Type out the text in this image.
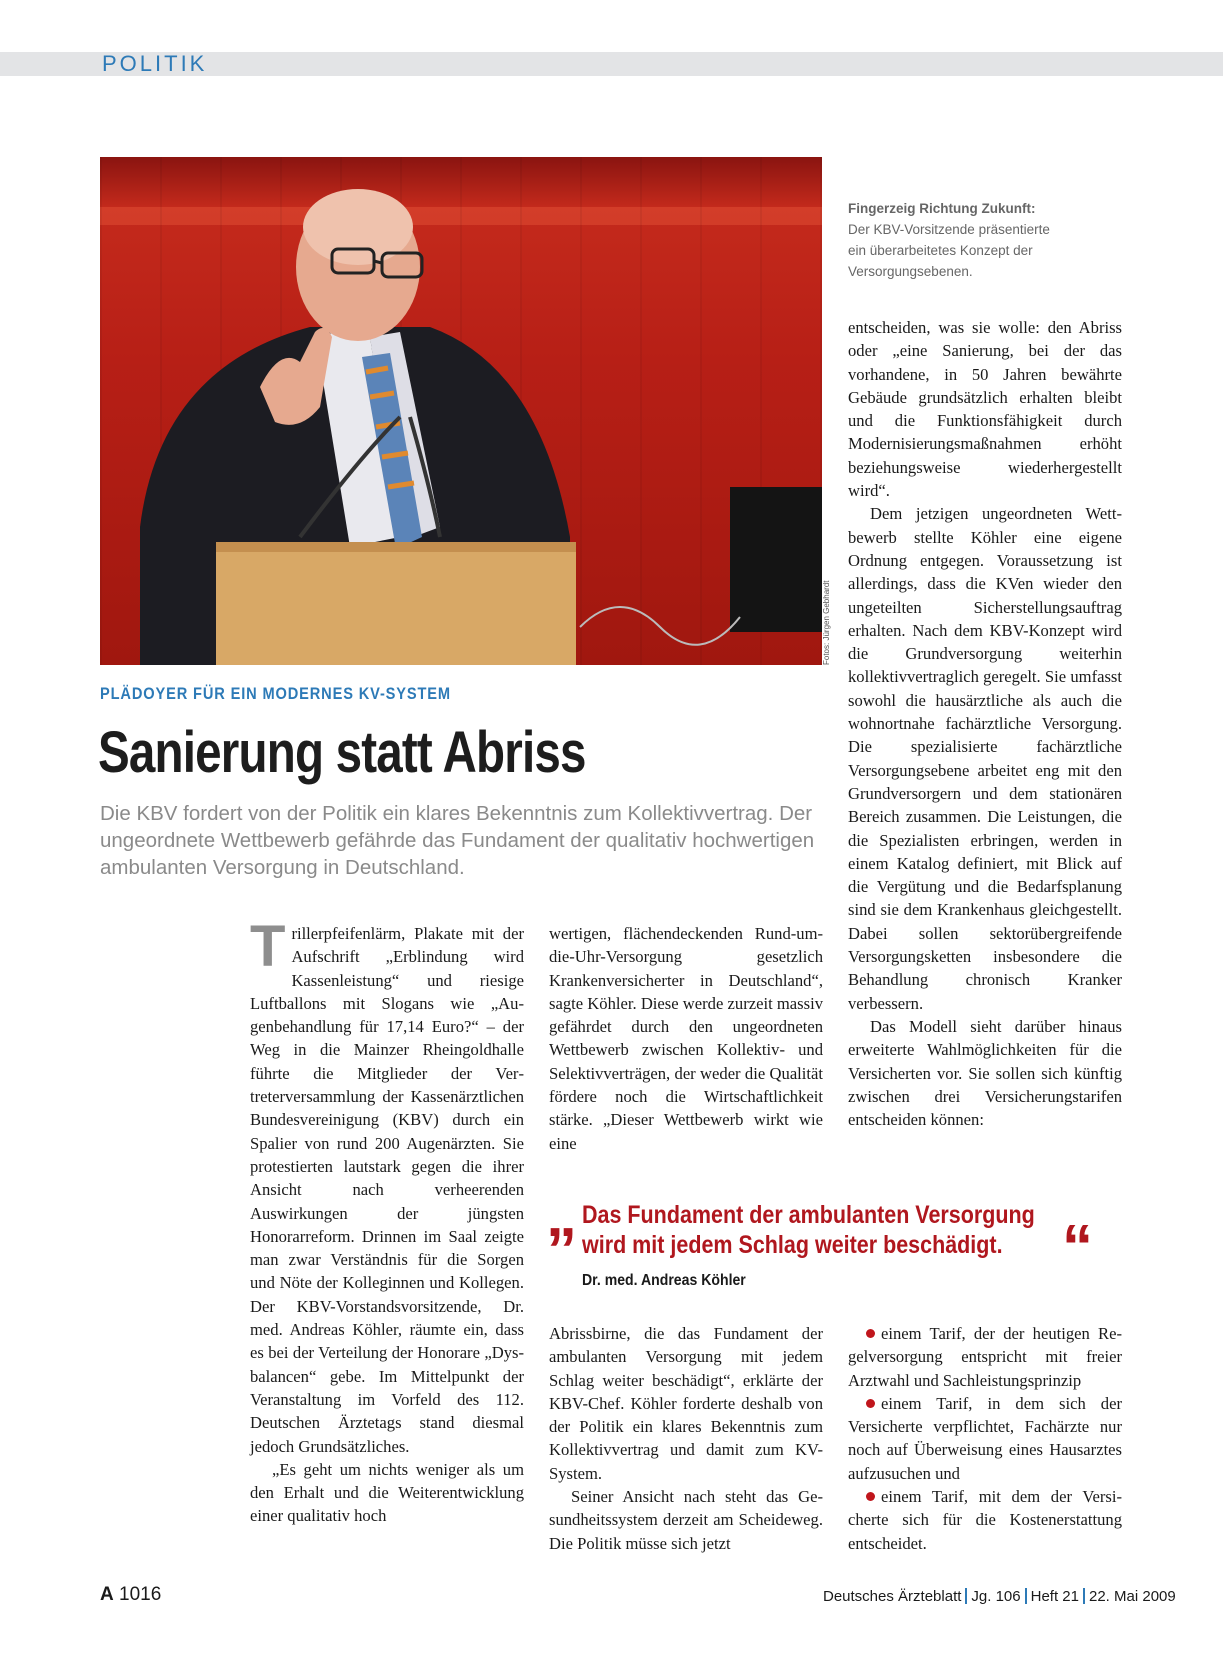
POLITIK
Fotos: Jürgen Gebhardt
Fingerzeig Richtung Zukunft:
Der KBV-Vorsitzende präsentierte
ein überarbeitetes Konzept der
Versorgungsebenen.
PLÄDOYER FÜR EIN MODERNES KV-SYSTEM
Sanierung statt Abriss
Die KBV fordert von der Politik ein klares Bekenntnis zum Kollektivvertrag. Der ungeordnete Wettbewerb gefährde das Fundament der qualitativ hochwertigen ambulanten Versorgung in Deutschland.

Trillerpfeifenlärm, Plakate mit der Aufschrift „Erblindung wird Kassenleistung“ und riesige Luftballons mit Slogans wie „Augenbehandlung für 17,14 Euro?“ – der Weg in die Mainzer Rheingoldhalle führte die Mitglieder der Vertreterversammlung der Kassenärztlichen Bundesvereinigung (KBV) durch ein Spalier von rund 200 Augenärzten. Sie protestierten lautstark gegen die ihrer Ansicht nach verheerenden Auswirkungen der jüngsten Honorarreform. Drinnen im Saal zeigte man zwar Verständnis für die Sorgen und Nöte der Kolleginnen und Kollegen. Der KBV-Vorstandsvorsitzende, Dr. med. Andreas Köhler, räumte ein, dass es bei der Verteilung der Honorare „Dysbalancen“ gebe. Im Mittelpunkt der Veranstaltung im Vorfeld des 112. Deutschen Ärztetags stand diesmal jedoch Grundsätzliches.

„Es geht um nichts weniger als um den Erhalt und die Weiterentwicklung einer qualitativ hoch

wertigen, flächendeckenden Rund-um-die-Uhr-Versorgung gesetzlich Krankenversicherter in Deutschland“, sagte Köhler. Diese werde zurzeit massiv gefährdet durch den ungeordneten Wettbewerb zwischen Kollektiv- und Selektivverträgen, der weder die Qualität fördere noch die Wirtschaftlichkeit stärke. „Dieser Wettbewerb wirkt wie eine

entscheiden, was sie wolle: den Abriss oder „eine Sanierung, bei der das vorhandene, in 50 Jahren bewährte Gebäude grundsätzlich erhalten bleibt und die Funktionsfähigkeit durch Modernisierungsmaßnahmen erhöht beziehungsweise wiederhergestellt wird“.

Dem jetzigen ungeordneten Wettbewerb stellte Köhler eine eigene Ordnung entgegen. Voraussetzung ist allerdings, dass die KVen wieder den ungeteilten Sicherstellungsauftrag erhalten. Nach dem KBV-Konzept wird die Grundversorgung weiterhin kollektivvertraglich geregelt. Sie umfasst sowohl die hausärztliche als auch die wohnortnahe fachärztliche Versorgung. Die spezialisierte fachärztliche Versorgungsebene arbeitet eng mit den Grundversorgern und dem stationären Bereich zusammen. Die Leistungen, die die Spezialisten erbringen, werden in einem Katalog definiert, mit Blick auf die Vergütung und die Bedarfsplanung sind sie dem Krankenhaus gleichgestellt. Dabei sollen sektorübergreifende Versorgungsketten insbesondere die Behandlung chronisch Kranker verbessern.

Das Modell sieht darüber hinaus erweiterte Wahlmöglichkeiten für die Versicherten vor. Sie sollen sich künftig zwischen drei Versicherungstarifen entscheiden können:

„ Das Fundament der ambulanten Versorgung
wird mit jedem Schlag weiter beschädigt. “
Dr. med. Andreas Köhler

Abrissbirne, die das Fundament der ambulanten Versorgung mit jedem Schlag weiter beschädigt“, erklärte der KBV-Chef. Köhler forderte deshalb von der Politik ein klares Bekenntnis zum Kollektivvertrag und damit zum KV-System.

Seiner Ansicht nach steht das Gesundheitssystem derzeit am Scheideweg. Die Politik müsse sich jetzt

einem Tarif, der der heutigen Regelversorgung entspricht mit freier Arztwahl und Sachleistungsprinzip

einem Tarif, in dem sich der Versicherte verpflichtet, Fachärzte nur noch auf Überweisung eines Hausarztes aufzusuchen und

einem Tarif, mit dem der Versicherte sich für die Kostenerstattung entscheidet.

A 1016	Deutsches Ärzteblatt Jg. 106 Heft 21 22. Mai 2009
